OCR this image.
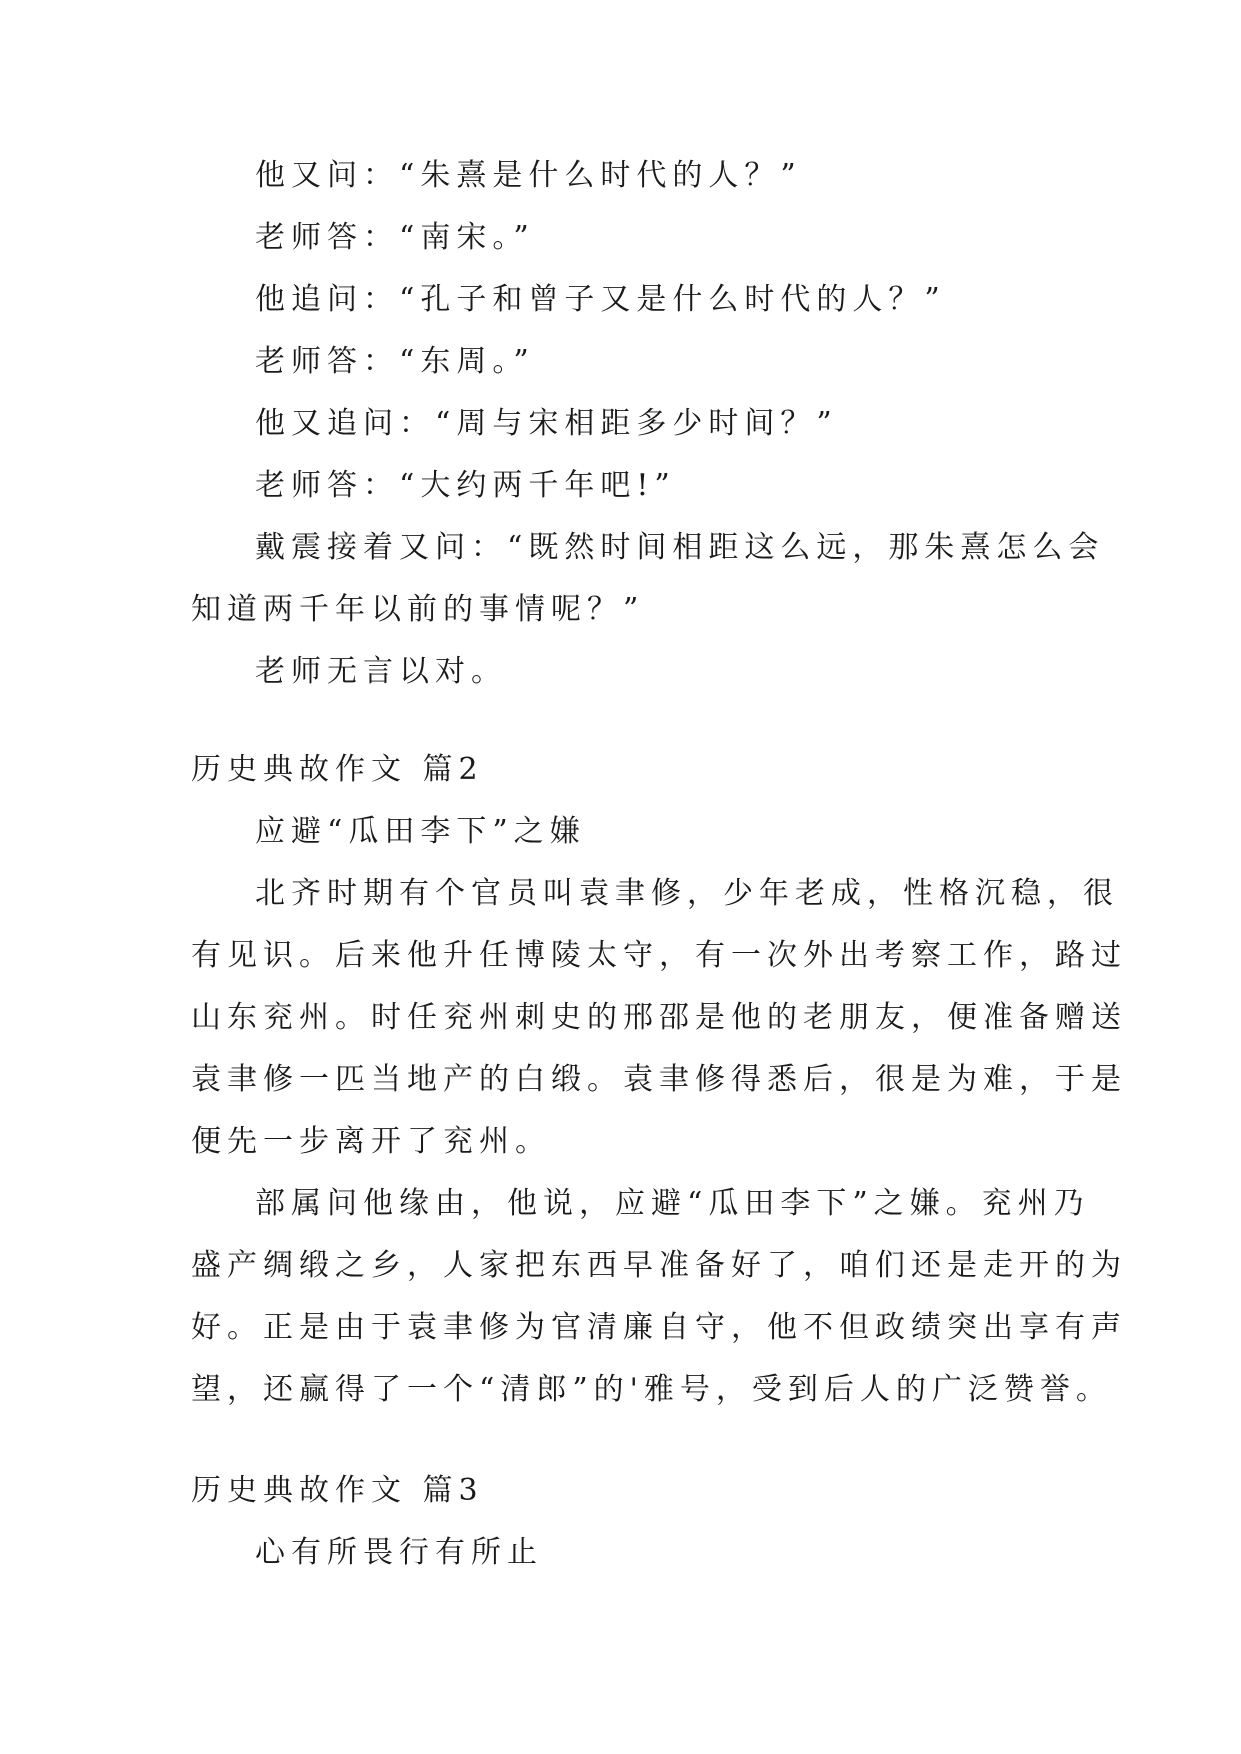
他又问：“朱熹是什么时代的人？”
老师答：“南宋。”
他追问：“孔子和曾子又是什么时代的人？”
老师答：“东周。”
他又追问：“周与宋相距多少时间？”
老师答：“大约两千年吧!”
戴震接着又问：“既然时间相距这么远，那朱熹怎么会
知道两千年以前的事情呢？”
老师无言以对。
历史典故作文 篇2
应避“瓜田李下”之嫌
北齐时期有个官员叫袁聿修，少年老成，性格沉稳，很
有见识。后来他升任博陵太守，有一次外出考察工作，路过
山东兖州。时任兖州刺史的邢邵是他的老朋友，便准备赠送
袁聿修一匹当地产的白缎。袁聿修得悉后，很是为难，于是
便先一步离开了兖州。
部属问他缘由，他说，应避“瓜田李下”之嫌。兖州乃
盛产绸缎之乡，人家把东西早准备好了，咱们还是走开的为
好。正是由于袁聿修为官清廉自守，他不但政绩突出享有声
望，还赢得了一个“清郎”的'雅号，受到后人的广泛赞誉。
历史典故作文 篇3
心有所畏行有所止
